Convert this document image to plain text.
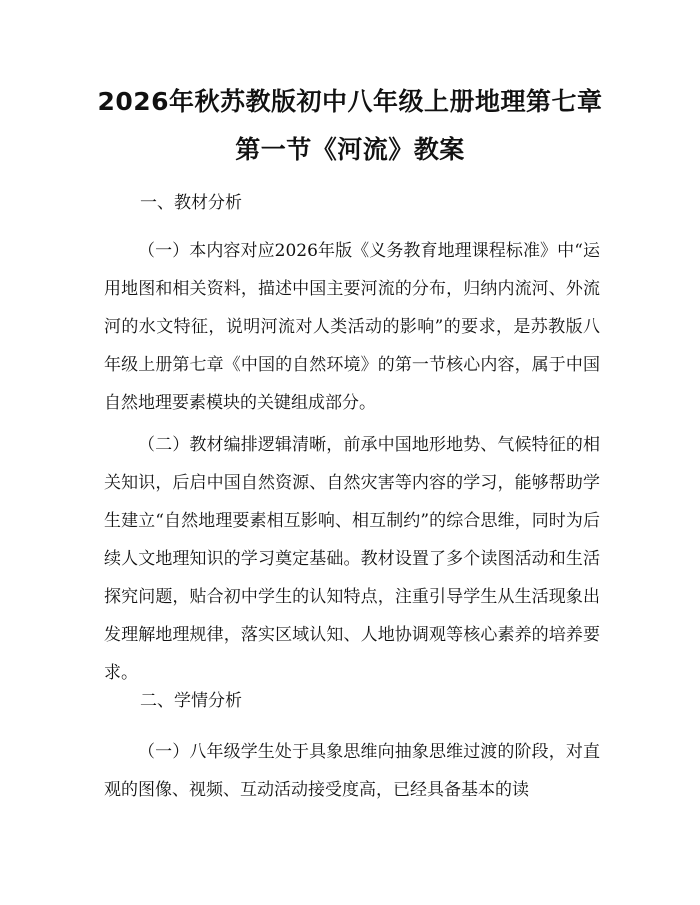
2026年秋苏教版初中八年级上册地理第七章
第一节《河流》教案
一、教材分析
（一）本内容对应2026年版《义务教育地理课程标准》中“运用地图和相关资料，描述中国主要河流的分布，归纳内流河、外流河的水文特征，说明河流对人类活动的影响”的要求，是苏教版八年级上册第七章《中国的自然环境》的第一节核心内容，属于中国自然地理要素模块的关键组成部分。
（二）教材编排逻辑清晰，前承中国地形地势、气候特征的相关知识，后启中国自然资源、自然灾害等内容的学习，能够帮助学生建立“自然地理要素相互影响、相互制约”的综合思维，同时为后续人文地理知识的学习奠定基础。教材设置了多个读图活动和生活探究问题，贴合初中学生的认知特点，注重引导学生从生活现象出发理解地理规律，落实区域认知、人地协调观等核心素养的培养要求。
二、学情分析
（一）八年级学生处于具象思维向抽象思维过渡的阶段，对直观的图像、视频、互动活动接受度高，已经具备基本的读
